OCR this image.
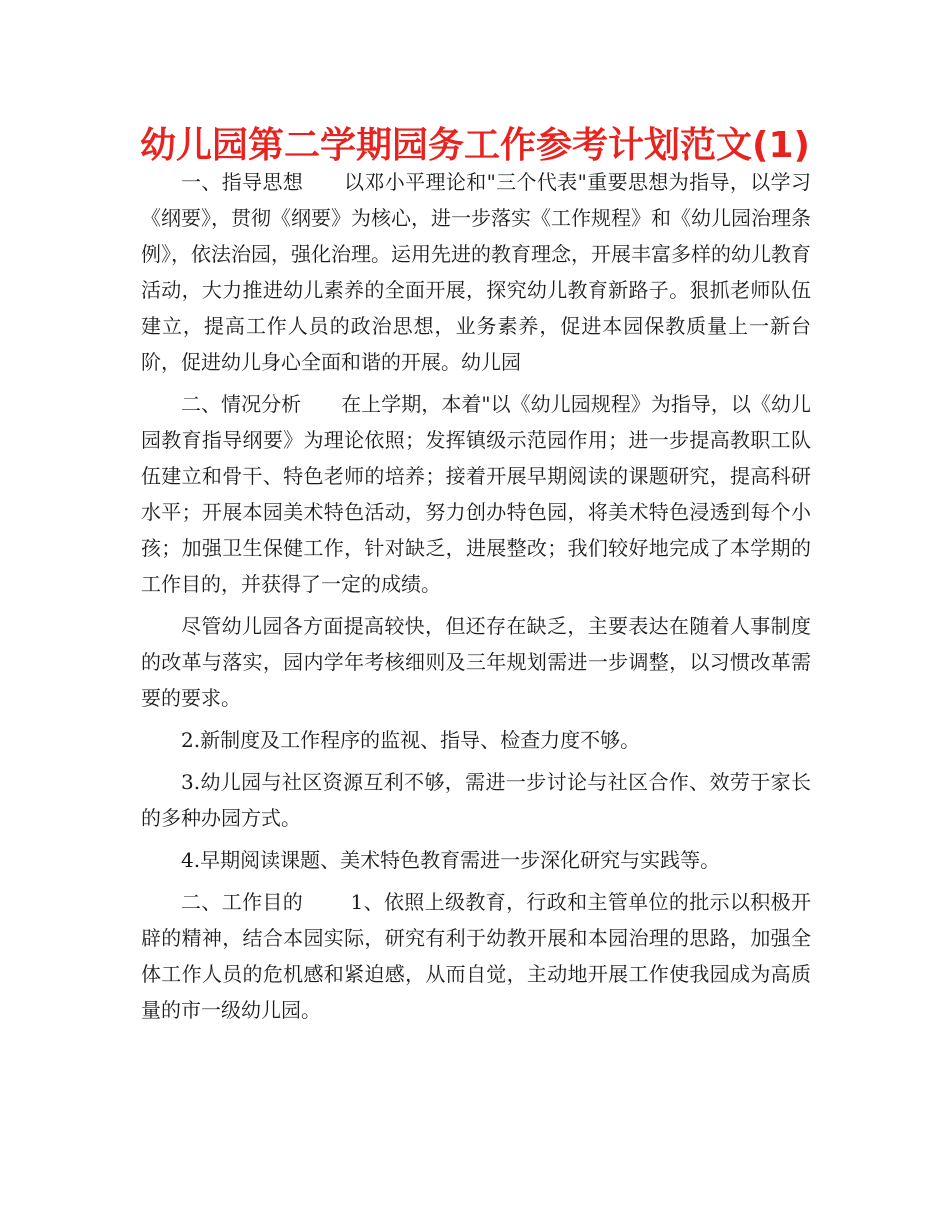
幼儿园第二学期园务工作参考计划范文(1)

一、指导思想　　以邓小平理论和"三个代表"重要思想为指导，以学习《纲要》，贯彻《纲要》为核心，进一步落实《工作规程》和《幼儿园治理条例》，依法治园，强化治理。运用先进的教育理念，开展丰富多样的幼儿教育活动，大力推进幼儿素养的全面开展，探究幼儿教育新路子。狠抓老师队伍建立，提高工作人员的政治思想，业务素养，促进本园保教质量上一新台阶，促进幼儿身心全面和谐的开展。幼儿园

二、情况分析　　在上学期，本着"以《幼儿园规程》为指导，以《幼儿园教育指导纲要》为理论依照；发挥镇级示范园作用；进一步提高教职工队伍建立和骨干、特色老师的培养；接着开展早期阅读的课题研究，提高科研水平；开展本园美术特色活动，努力创办特色园，将美术特色浸透到每个小孩；加强卫生保健工作，针对缺乏，进展整改；我们较好地完成了本学期的工作目的，并获得了一定的成绩。

尽管幼儿园各方面提高较快，但还存在缺乏，主要表达在随着人事制度的改革与落实，园内学年考核细则及三年规划需进一步调整，以习惯改革需要的要求。

2.新制度及工作程序的监视、指导、检查力度不够。

3.幼儿园与社区资源互利不够，需进一步讨论与社区合作、效劳于家长的多种办园方式。

4.早期阅读课题、美术特色教育需进一步深化研究与实践等。

二、工作目的　　 1、依照上级教育，行政和主管单位的批示以积极开辟的精神，结合本园实际，研究有利于幼教开展和本园治理的思路，加强全体工作人员的危机感和紧迫感，从而自觉，主动地开展工作使我园成为高质量的市一级幼儿园。
